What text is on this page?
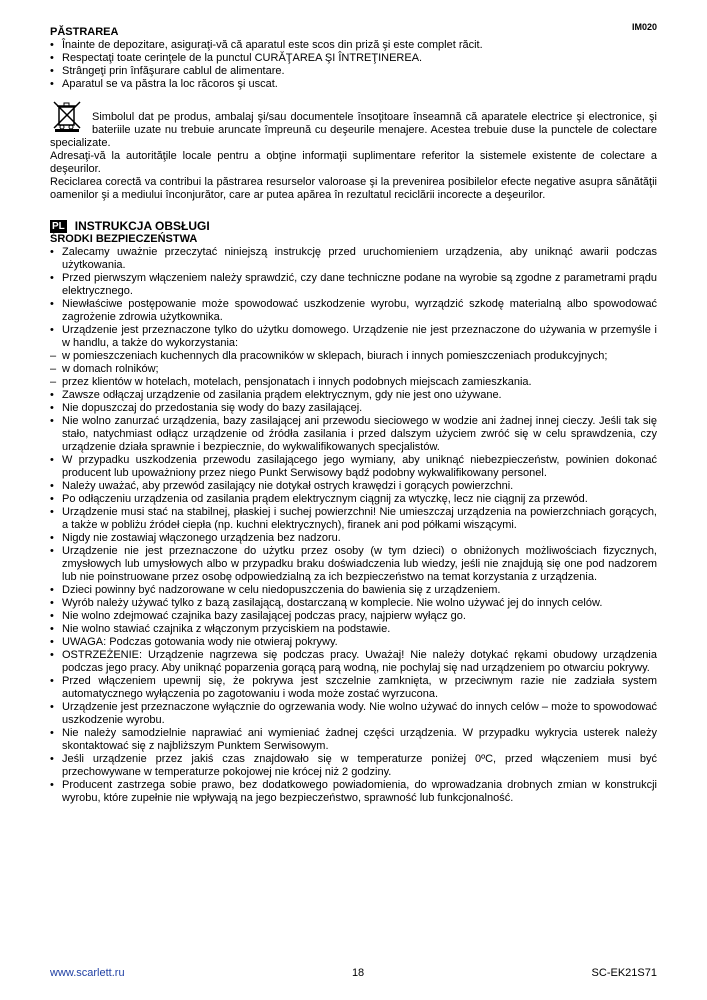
IM020
PĂSTRAREA
• Înainte de depozitare, asiguraţi-vă că aparatul este scos din priză şi este complet răcit.
• Respectaţi toate cerinţele de la punctul CURĂŢAREA ŞI ÎNTREŢINEREA.
• Strângeţi prin înfăşurare cablul de alimentare.
• Aparatul se va păstra la loc răcoros şi uscat.

Simbolul dat pe produs, ambalaj şi/sau documentele însoţitoare înseamnă că aparatele electrice şi electronice, şi bateriile uzate nu trebuie aruncate împreună cu deşeurile menajere. Acestea trebuie duse la punctele de colectare specializate.

Adresaţi-vă la autorităţile locale pentru a obţine informaţii suplimentare referitor la sistemele existente de colectare a deşeurilor.

Reciclarea corectă va contribui la păstrarea resurselor valoroase şi la prevenirea posibilelor efecte negative asupra sănătăţii oamenilor şi a mediului înconjurător, care ar putea apărea în rezultatul reciclării incorecte a deşeurilor.

PL INSTRUKCJA OBSŁUGI
ŚRODKI BEZPIECZEŃSTWA
• Zalecamy uważnie przeczytać niniejszą instrukcję przed uruchomieniem urządzenia, aby uniknąć awarii podczas użytkowania.
• Przed pierwszym włączeniem należy sprawdzić, czy dane techniczne podane na wyrobie są zgodne z parametrami prądu elektrycznego.
• Niewłaściwe postępowanie może spowodować uszkodzenie wyrobu, wyrządzić szkodę materialną albo spowodować zagrożenie zdrowia użytkownika.
• Urządzenie jest przeznaczone tylko do użytku domowego. Urządzenie nie jest przeznaczone do używania w przemyśle i w handlu, a także do wykorzystania:
– w pomieszczeniach kuchennych dla pracowników w sklepach, biurach i innych pomieszczeniach produkcyjnych;
– w domach rolników;
– przez klientów w hotelach, motelach, pensjonatach i innych podobnych miejscach zamieszkania.
• Zawsze odłączaj urządzenie od zasilania prądem elektrycznym, gdy nie jest ono używane.
• Nie dopuszczaj do przedostania się wody do bazy zasilającej.
• Nie wolno zanurzać urządzenia, bazy zasilającej ani przewodu sieciowego w wodzie ani żadnej innej cieczy. Jeśli tak się stało, natychmiast odłącz urządzenie od źródła zasilania i przed dalszym użyciem zwróć się w celu sprawdzenia, czy urządzenie działa sprawnie i bezpiecznie, do wykwalifikowanych specjalistów.
• W przypadku uszkodzenia przewodu zasilającego jego wymiany, aby uniknąć niebezpieczeństw, powinien dokonać producent lub upoważniony przez niego Punkt Serwisowy bądź podobny wykwalifikowany personel.
• Należy uważać, aby przewód zasilający nie dotykał ostrych krawędzi i gorących powierzchni.
• Po odłączeniu urządzenia od zasilania prądem elektrycznym ciągnij za wtyczkę, lecz nie ciągnij za przewód.
• Urządzenie musi stać na stabilnej, płaskiej i suchej powierzchni! Nie umieszczaj urządzenia na powierzchniach gorących, a także w pobliżu źródeł ciepła (np. kuchni elektrycznych), firanek ani pod półkami wiszącymi.
• Nigdy nie zostawiaj włączonego urządzenia bez nadzoru.
• Urządzenie nie jest przeznaczone do użytku przez osoby (w tym dzieci) o obniżonych możliwościach fizycznych, zmysłowych lub umysłowych albo w przypadku braku doświadczenia lub wiedzy, jeśli nie znajdują się one pod nadzorem lub nie poinstruowane przez osobę odpowiedzialną za ich bezpieczeństwo na temat korzystania z urządzenia.
• Dzieci powinny być nadzorowane w celu niedopuszczenia do bawienia się z urządzeniem.
• Wyrób należy używać tylko z bazą zasilającą, dostarczaną w komplecie. Nie wolno używać jej do innych celów.
• Nie wolno zdejmować czajnika bazy zasilającej podczas pracy, najpierw wyłącz go.
• Nie wolno stawiać czajnika z włączonym przyciskiem na podstawie.
• UWAGA: Podczas gotowania wody nie otwieraj pokrywy.
• OSTRZEŻENIE: Urządzenie nagrzewa się podczas pracy. Uważaj! Nie należy dotykać rękami obudowy urządzenia podczas jego pracy. Aby uniknąć poparzenia gorącą parą wodną, nie pochylaj się nad urządzeniem po otwarciu pokrywy.
• Przed włączeniem upewnij się, że pokrywa jest szczelnie zamknięta, w przeciwnym razie nie zadziała system automatycznego wyłączenia po zagotowaniu i woda może zostać wyrzucona.
• Urządzenie jest przeznaczone wyłącznie do ogrzewania wody. Nie wolno używać do innych celów – może to spowodować uszkodzenie wyrobu.
• Nie należy samodzielnie naprawiać ani wymieniać żadnej części urządzenia. W przypadku wykrycia usterek należy skontaktować się z najbliższym Punktem Serwisowym.
• Jeśli urządzenie przez jakiś czas znajdowało się w temperaturze poniżej 0ºC, przed włączeniem musi być przechowywane w temperaturze pokojowej nie krócej niż 2 godziny.
• Producent zastrzega sobie prawo, bez dodatkowego powiadomienia, do wprowadzania drobnych zmian w konstrukcji wyrobu, które zupełnie nie wpływają na jego bezpieczeństwo, sprawność lub funkcjonalność.
www.scarlett.ru	18	SC-EK21S71
